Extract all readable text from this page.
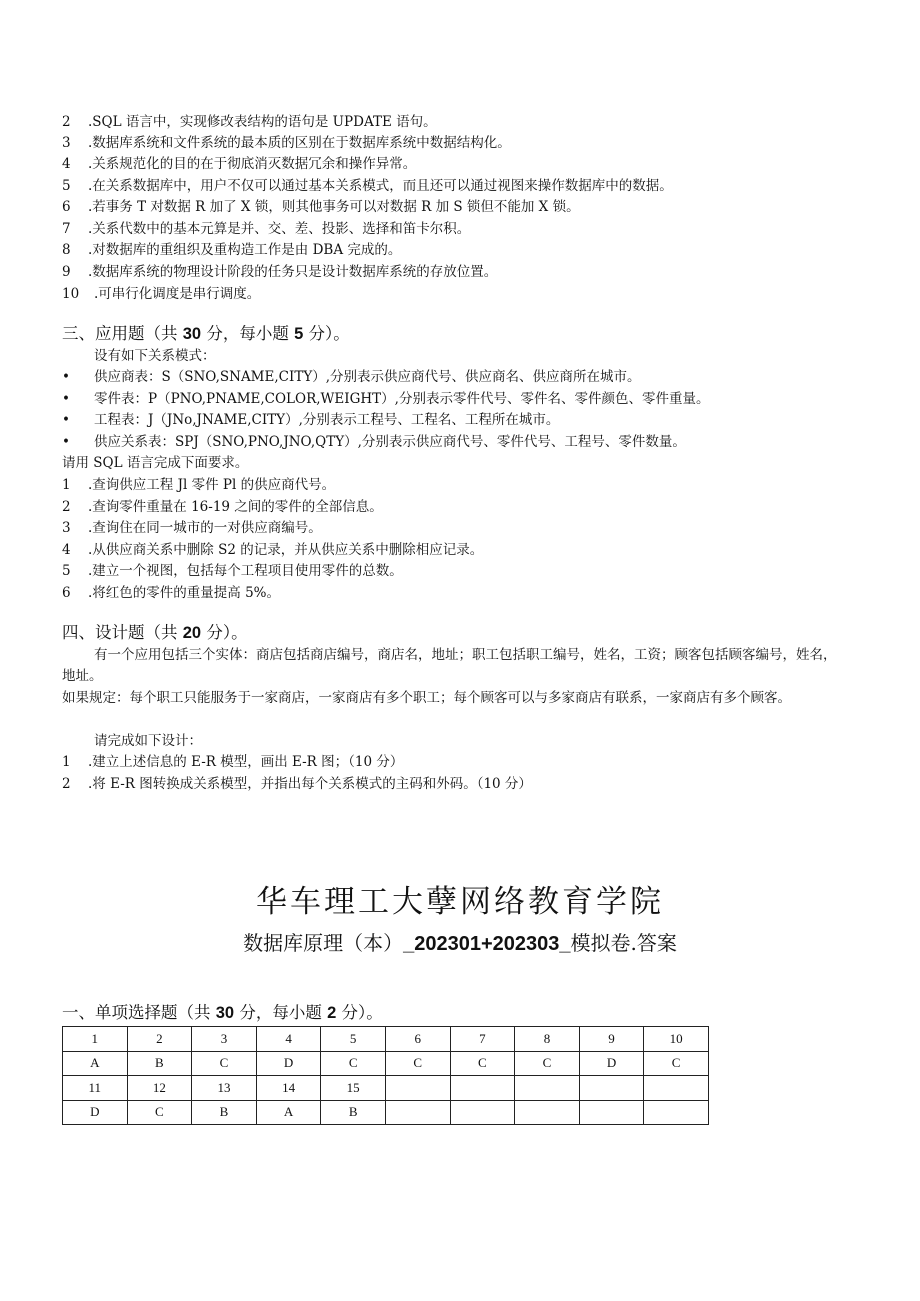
2 .SQL 语言中，实现修改表结构的语句是 UPDATE 语句。
3 .数据库系统和文件系统的最本质的区别在于数据库系统中数据结构化。
4 .关系规范化的目的在于彻底消灭数据冗余和操作异常。
5 .在关系数据库中，用户不仅可以通过基本关系模式，而且还可以通过视图来操作数据库中的数据。
6 .若事务 T 对数据 R 加了 X 锁，则其他事务可以对数据 R 加 S 锁但不能加 X 锁。
7 .关系代数中的基本元算是并、交、差、投影、选择和笛卡尔积。
8 .对数据库的重组织及重构造工作是由 DBA 完成的。
9 .数据库系统的物理设计阶段的任务只是设计数据库系统的存放位置。
10 .可串行化调度是串行调度。
三、应用题（共 30 分，每小题 5 分）。
设有如下关系模式：
• 供应商表：S（SNO,SNAME,CITY）,分别表示供应商代号、供应商名、供应商所在城市。
• 零件表：P（PNO,PNAME,COLOR,WEIGHT）,分别表示零件代号、零件名、零件颜色、零件重量。
• 工程表：J（JNo,JNAME,CITY）,分别表示工程号、工程名、工程所在城市。
• 供应关系表：SPJ（SNO,PNO,JNO,QTY）,分别表示供应商代号、零件代号、工程号、零件数量。
请用 SQL 语言完成下面要求。
1 .查询供应工程 Jl 零件 Pl 的供应商代号。
2 .查询零件重量在 16-19 之间的零件的全部信息。
3 .查询住在同一城市的一对供应商编号。
4 .从供应商关系中删除 S2 的记录，并从供应关系中删除相应记录。
5 .建立一个视图，包括每个工程项目使用零件的总数。
6 .将红色的零件的重量提高 5%。
四、设计题（共 20 分）。
有一个应用包括三个实体：商店包括商店编号，商店名，地址；职工包括职工编号，姓名，工资；顾客包括顾客编号，姓名，地址。
如果规定：每个职工只能服务于一家商店，一家商店有多个职工；每个顾客可以与多家商店有联系，一家商店有多个顾客。
请完成如下设计：
1 .建立上述信息的 E-R 模型，画出 E-R 图；（10 分）
2 .将 E-R 图转换成关系模型，并指出每个关系模式的主码和外码。（10 分）
华车理工大孽网络教育学院
数据库原理（本）_202301+202303_模拟卷.答案
一、单项选择题（共 30 分，每小题 2 分）。
1	2	3	4	5	6	7	8	9	10
A	B	C	D	C	C	C	C	D	C
11	12	13	14	15					
D	C	B	A	B					
